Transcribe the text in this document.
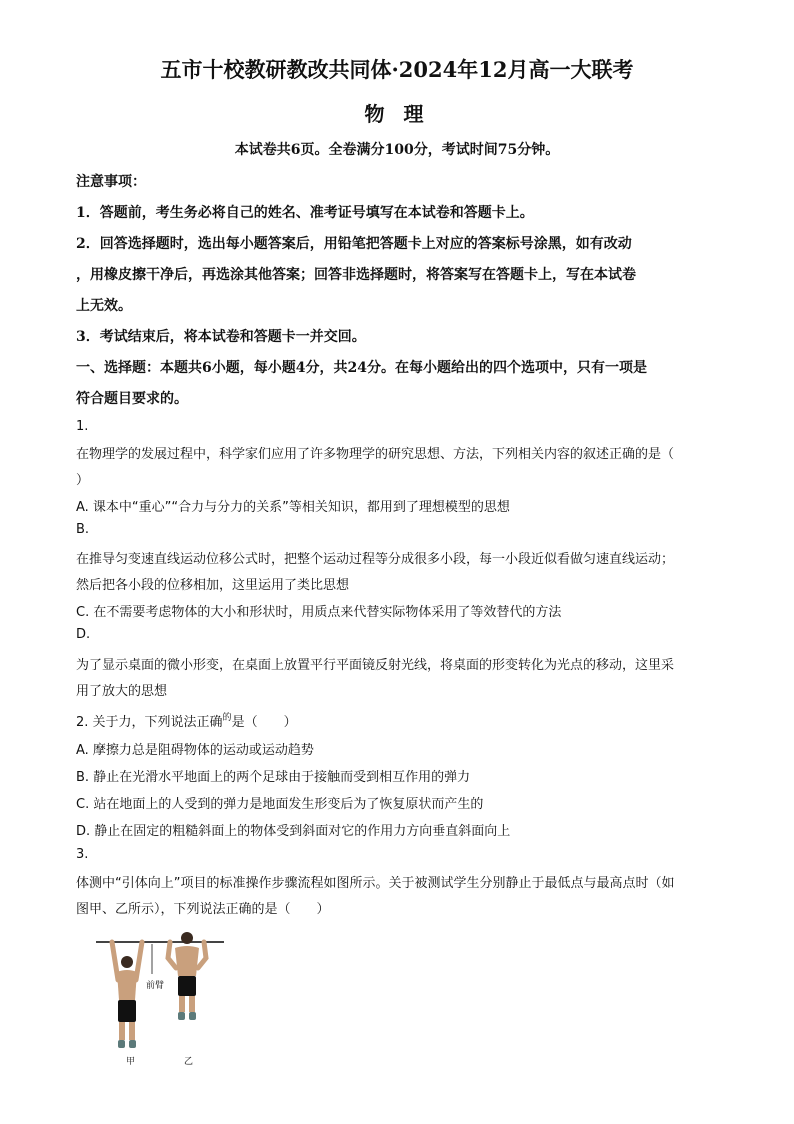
五市十校教研教改共同体·2024年12月高一大联考
物 理
本试卷共6页。全卷满分100分，考试时间75分钟。
注意事项：
1．答题前，考生务必将自己的姓名、准考证号填写在本试卷和答题卡上。
2．回答选择题时，选出每小题答案后，用铅笔把答题卡上对应的答案标号涂黑，如有改动
，用橡皮擦干净后，再选涂其他答案；回答非选择题时，将答案写在答题卡上，写在本试卷
上无效。
3．考试结束后，将本试卷和答题卡一并交回。
一、选择题：本题共6小题，每小题4分，共24分。在每小题给出的四个选项中，只有一项是
符合题目要求的。
1.
在物理学的发展过程中，科学家们应用了许多物理学的研究思想、方法，下列相关内容的叙述正确的是（
）
A. 课本中“重心”“合力与分力的关系”等相关知识，都用到了理想模型的思想
B.
在推导匀变速直线运动位移公式时，把整个运动过程等分成很多小段，每一小段近似看做匀速直线运动；
然后把各小段的位移相加，这里运用了类比思想
C. 在不需要考虑物体的大小和形状时，用质点来代替实际物体采用了等效替代的方法
D.
为了显示桌面的微小形变，在桌面上放置平行平面镜反射光线，将桌面的形变转化为光点的移动，这里采
用了放大的思想
2. 关于力，下列说法正确$^的$是（　　）
A. 摩擦力总是阻碍物体的运动或运动趋势
B. 静止在光滑水平地面上的两个足球由于接触而受到相互作用的弹力
C. 站在地面上的人受到的弹力是地面发生形变后为了恢复原状而产生的
D. 静止在固定的粗糙斜面上的物体受到斜面对它的作用力方向垂直斜面向上
3.
体测中“引体向上”项目的标准操作步骤流程如图所示。关于被测试学生分别静止于最低点与最高点时（如
图甲、乙所示），下列说法正确的是（　　）
前臂
甲	乙
